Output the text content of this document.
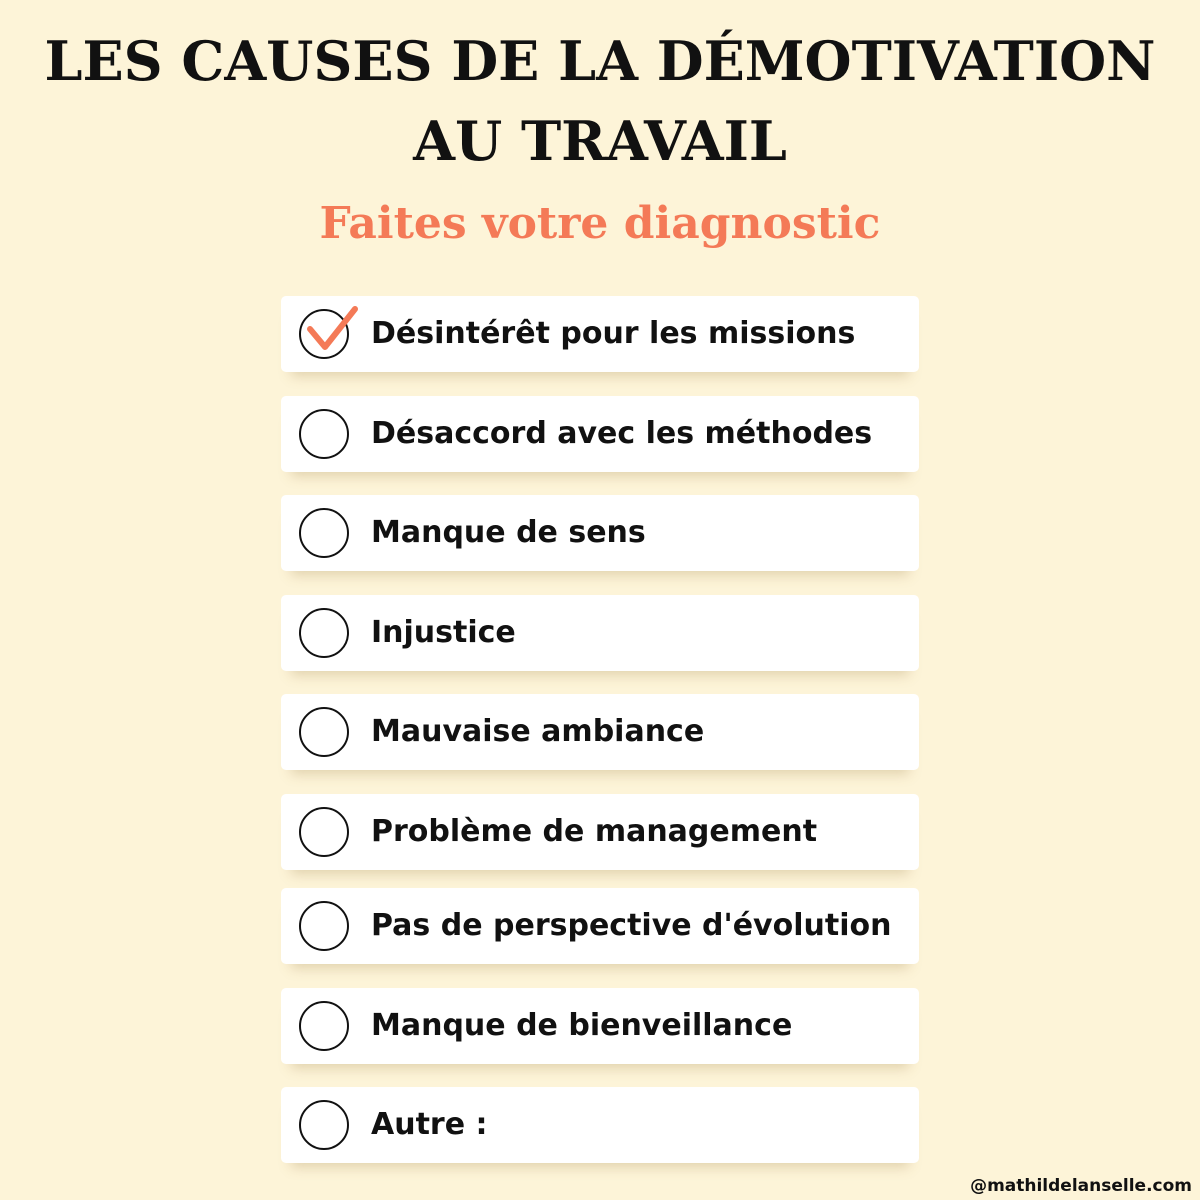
LES CAUSES DE LA DÉMOTIVATION
AU TRAVAIL
Faites votre diagnostic
Désintérêt pour les missions
Désaccord avec les méthodes
Manque de sens
Injustice
Mauvaise ambiance
Problème de management
Pas de perspective d'évolution
Manque de bienveillance
Autre :
@mathildelanselle.com
